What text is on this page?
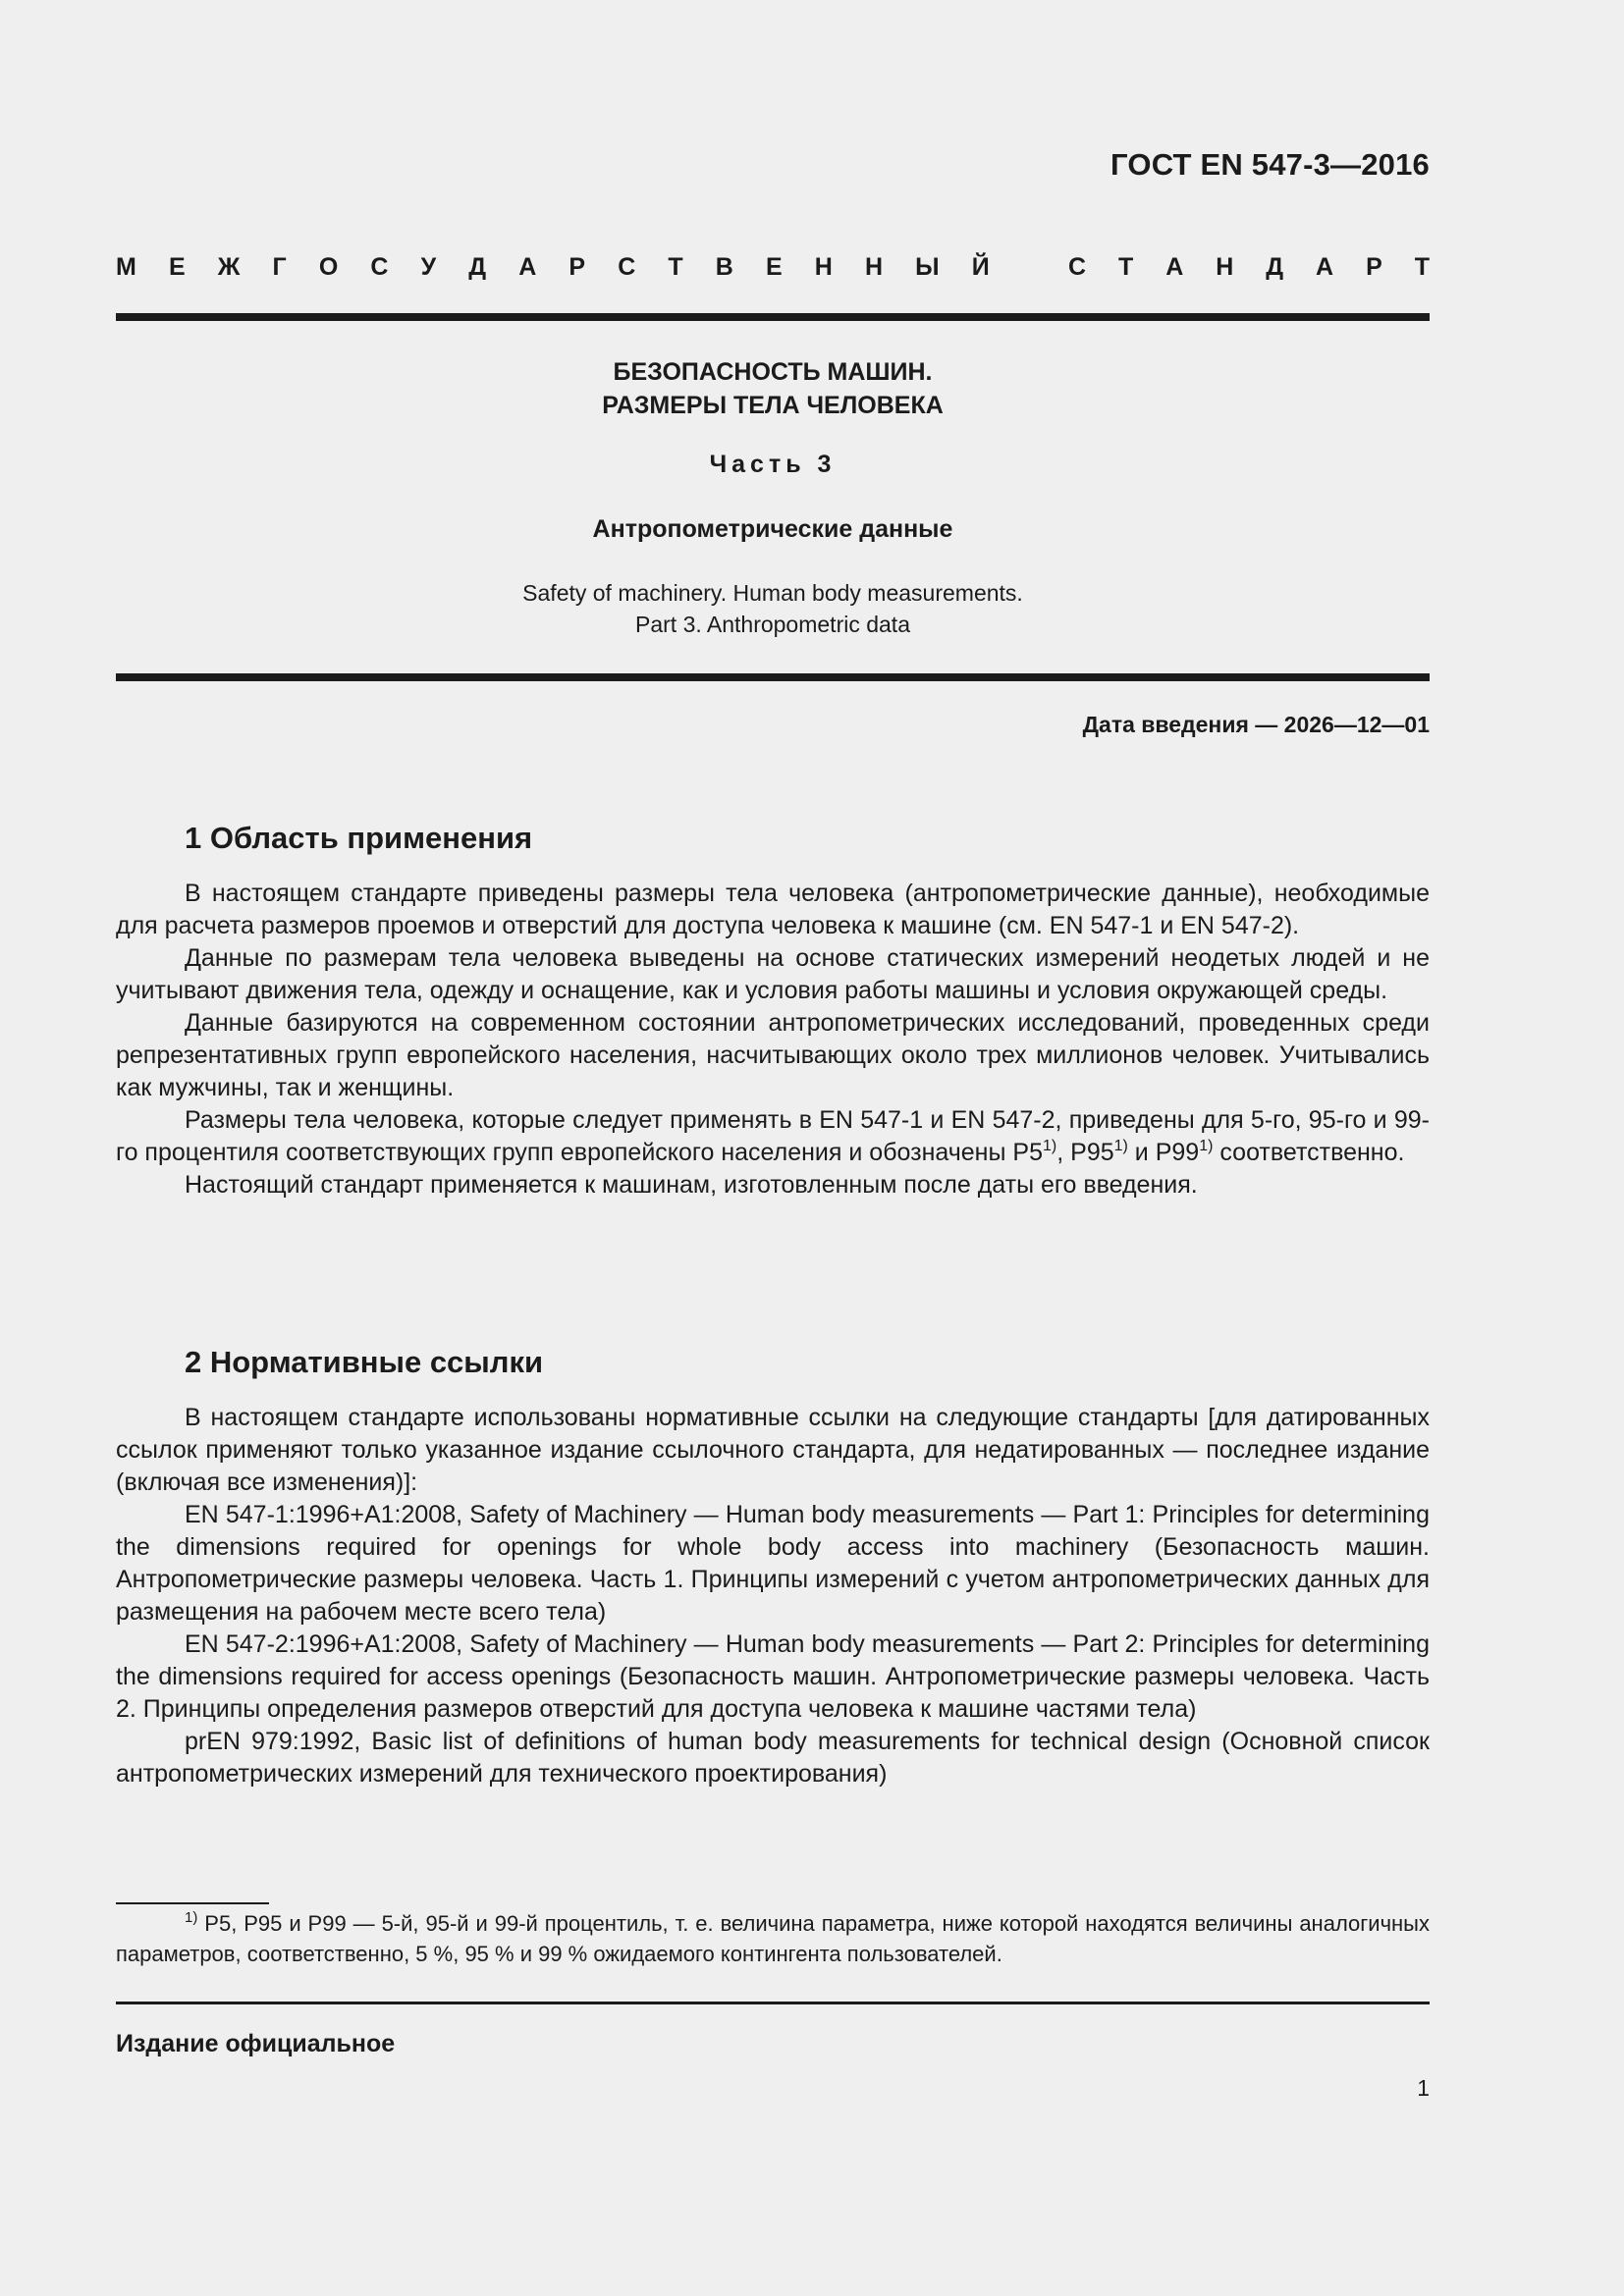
ГОСТ EN 547-3—2016
М Е Ж Г О С У Д А Р С Т В Е Н Н Ы Й	С Т А Н Д А Р Т
БЕЗОПАСНОСТЬ МАШИН.
РАЗМЕРЫ ТЕЛА ЧЕЛОВЕКА
Часть 3
Антропометрические данные
Safety of machinery. Human body measurements.
Part 3. Anthropometric data
Дата введения — 2026—12—01
1 Область применения

В настоящем стандарте приведены размеры тела человека (антропометрические данные), необходимые для расчета размеров проемов и отверстий для доступа человека к машине (см. EN 547-1 и EN 547-2).

Данные по размерам тела человека выведены на основе статических измерений неодетых людей и не учитывают движения тела, одежду и оснащение, как и условия работы машины и условия окружающей среды.

Данные базируются на современном состоянии антропометрических исследований, проведенных среди репрезентативных групп европейского населения, насчитывающих около трех миллионов человек. Учитывались как мужчины, так и женщины.

Размеры тела человека, которые следует применять в EN 547-1 и EN 547-2, приведены для 5-го, 95-го и 99-го процентиля соответствующих групп европейского населения и обозначены P5$^{1)}$, P95$^{1)}$ и P99$^{1)}$ соответственно.

Настоящий стандарт применяется к машинам, изготовленным после даты его введения.

2 Нормативные ссылки

В настоящем стандарте использованы нормативные ссылки на следующие стандарты [для датированных ссылок применяют только указанное издание ссылочного стандарта, для недатированных — последнее издание (включая все изменения)]:

EN 547-1:1996+A1:2008, Safety of Machinery — Human body measurements — Part 1: Principles for determining the dimensions required for openings for whole body access into machinery (Безопасность машин. Антропометрические размеры человека. Часть 1. Принципы измерений с учетом антропометрических данных для размещения на рабочем месте всего тела)

EN 547-2:1996+A1:2008, Safety of Machinery — Human body measurements — Part 2: Principles for determining the dimensions required for access openings (Безопасность машин. Антропометрические размеры человека. Часть 2. Принципы определения размеров отверстий для доступа человека к машине частями тела)

prEN 979:1992, Basic list of definitions of human body measurements for technical design (Основной список антропометрических измерений для технического проектирования)

$^{1)}$ P5, P95 и P99 — 5-й, 95-й и 99-й процентиль, т. е. величина параметра, ниже которой находятся величины аналогичных параметров, соответственно, 5 %, 95 % и 99 % ожидаемого контингента пользователей.
Издание официальное
1
